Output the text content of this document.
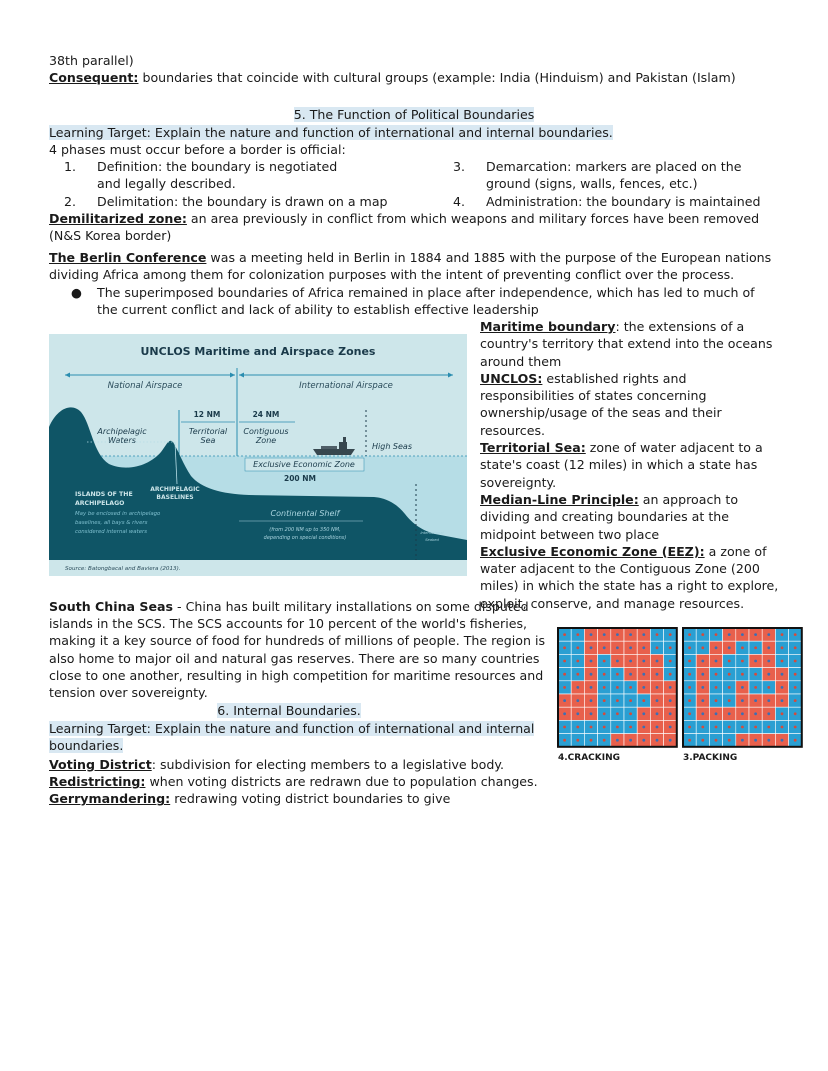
38th parallel)

Consequent: boundaries that coincide with cultural groups (example: India (Hinduism) and Pakistan (Islam)

5. The Function of Political Boundaries
Learning Target: Explain the nature and function of international and internal boundaries.
4 phases must occur before a border is official:
1. Definition: the boundary is negotiated and legally described.
2. Delimitation: the boundary is drawn on a map
3. Demarcation: markers are placed on the ground (signs, walls, fences, etc.)
4. Administration: the boundary is maintained
Demilitarized zone: an area previously in conflict from which weapons and military forces have been removed (N&S Korea border)
The Berlin Conference was a meeting held in Berlin in 1884 and 1885 with the purpose of the European nations dividing Africa among them for colonization purposes with the intent of preventing conflict over the process.
● The superimposed boundaries of Africa remained in place after independence, which has led to much of the current conflict and lack of ability to establish effective leadership
UNCLOS Maritime and Airspace Zones
National Airspace	International Airspace
12 NM	24 NM
Archipelagic
Waters
Territorial
Sea
Contiguous
Zone
High Seas
Exclusive Economic Zone
200 NM
ARCHIPELAGIC
BASELINES
ISLANDS OF THE
ARCHIPELAGO
May be enclosed in archipelago
baselines, all bays & rivers
considered internal waters
Continental Shelf
(from 200 NM up to 350 NM,
depending on special conditions)
International
Seabed
Source: Batongbacal and Baviera (2013).

Maritime boundary: the extensions of a country's territory that extend into the oceans around them

UNCLOS: established rights and responsibilities of states concerning ownership/usage of the seas and their resources.

Territorial Sea: zone of water adjacent to a state's coast (12 miles) in which a state has sovereignty.

Median-Line Principle: an approach to dividing and creating boundaries at the midpoint between two place

Exclusive Economic Zone (EEZ): a zone of water adjacent to the Contiguous Zone (200 miles) in which the state has a right to explore, exploit, conserve, and manage resources.

South China Seas - China has built military installations on some disputed islands in the SCS. The SCS accounts for 10 percent of the world's fisheries, making it a key source of food for hundreds of millions of people. The region is also home to major oil and natural gas reserves. There are so many countries close to one another, resulting in high competition for maritime resources and tension over sovereignty.
4.CRACKING	3.PACKING
6. Internal Boundaries.
Learning Target: Explain the nature and function of international and internal boundaries.

Voting District: subdivision for electing members to a legislative body.

Redistricting: when voting districts are redrawn due to population changes.

Gerrymandering: redrawing voting district boundaries to give
